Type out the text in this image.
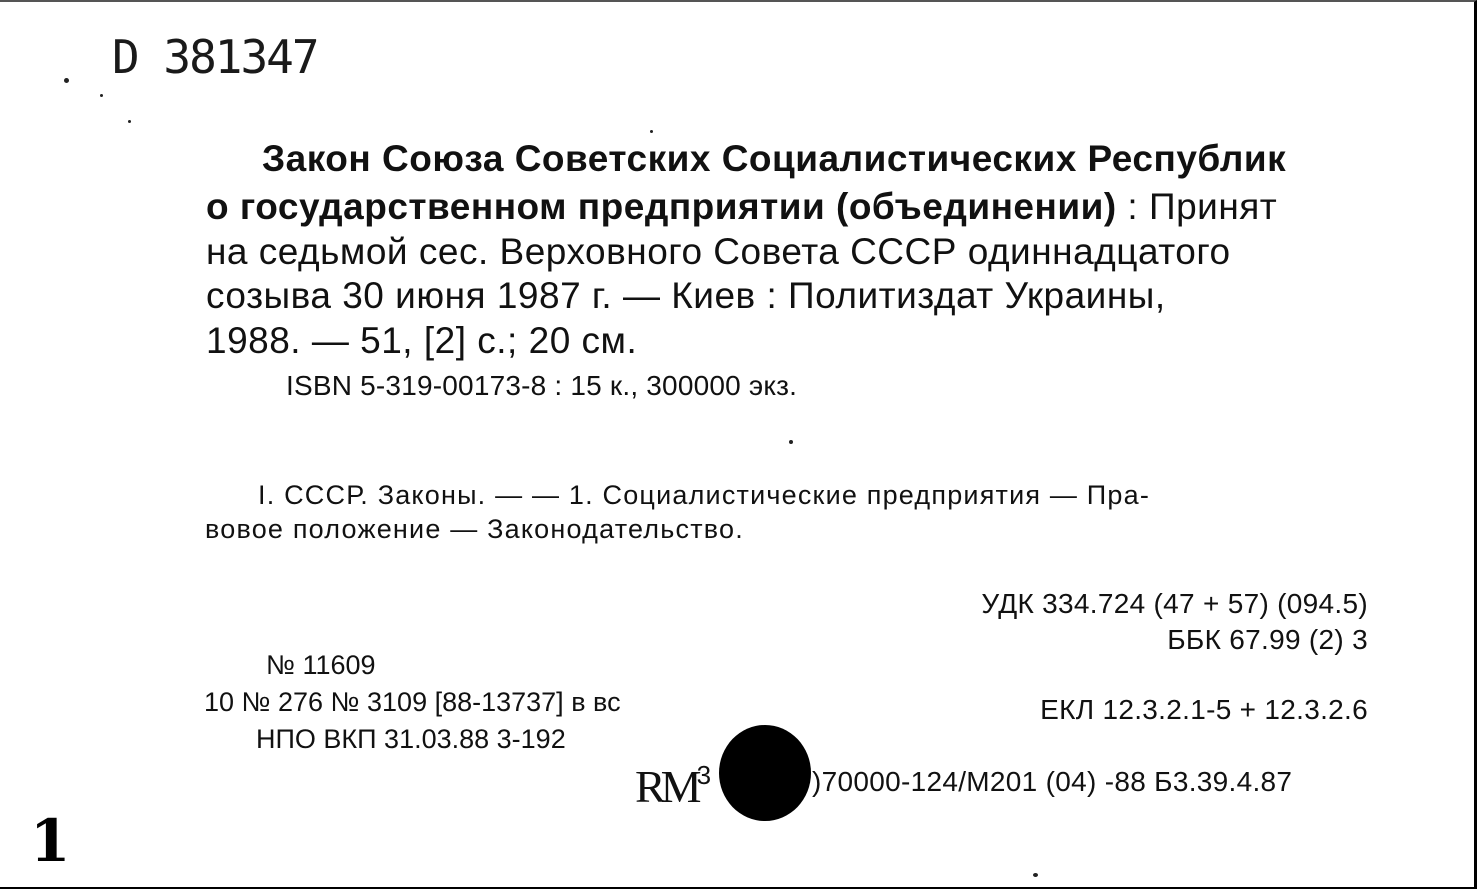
D 381347
Закон Союза Советских Социалистических Республик
о государственном предприятии (объединении) : Принят
на седьмой сес. Верховного Совета СССР одиннадцатого
созыва 30 июня 1987 г. — Киев : Политиздат Украины,
1988. — 51, [2] с.; 20 см.
ISBN 5-319-00173-8 : 15 к., 300000 экз.
I. СССР. Законы. — — 1. Социалистические предприятия — Пра-
вовое положение — Законодательство.
УДК 334.724 (47 + 57) (094.5)
ББК 67.99 (2) 3
№ 11609
10 № 276 № 3109 [88-13737] в вс
НПО ВКП 31.03.88 3-192
ЕКЛ 12.3.2.1-5 + 12.3.2.6
$RM^3$	)70000-124/М201 (04) -88 Б3.39.4.87
1
